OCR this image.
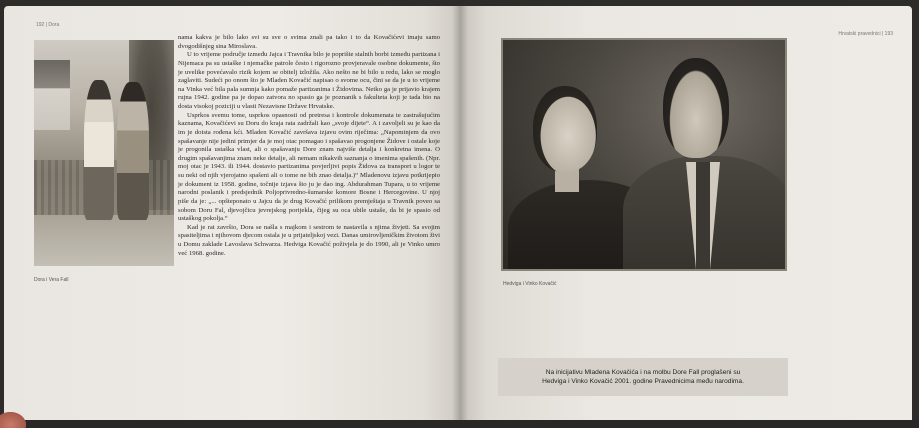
192 | Dora
Hrvatski pravednici | 193
Dora i Vera Fall

nama kakva je bilo lako svi su sve o svima znali pa tako i to da Kovačićevi imaju samo dvogodišnjeg sina Miroslava.

U to vrijeme područje između Jajca i Travnika bilo je poprište stalnih borbi između partizana i Nijemaca pa su ustaške i njemačke patrole često i rigorozno provjeravale osobne dokumente, što je uvelike povećavalo rizik kojem se obitelj izložila. Ako nešto ne bi bilo u redu, lako se moglo zaglaviti. Sudeći po onom što je Mladen Kovačić napisao o svome ocu, čini se da je u to vrijeme na Vinka već bila pala sumnja kako pomaže partizanima i Židovima. Netko ga je prijavio krajem rujna 1942. godine pa je dopao zatvora no spasio ga je poznanik s fakulteta koji je tada bio na dosta visokoj poziciji u vlasti Nezavisne Države Hrvatske.

Usprkos svemu tome, usprkos opasnosti od pretresa i kontrole dokumenata te zastrašujućim kaznama, Kovačićevi su Doru do kraja rata zadržali kao „svoje dijete“. A i zavoljeli su je kao da im je doista rođena kći. Mladen Kovačić završava izjavu ovim riječima: „Napominjem da ovo spašavanje nije jedini primjer da je moj otac pomagao i spašavao progonjene Židove i ostale koje je progonila ustaška vlast, ali o spašavanju Dore znam najviše detalja i konkretna imena. O drugim spašavanjima znam neke detalje, ali nemam nikakvih saznanja o imenima spašenih. (Npr. moj otac je 1943. ili 1944. dostavio partizanima povjerljivi popis Židova za transport u logor te su neki od njih vjerojatno spašeni ali o tome ne bih znao detalja.)“ Mladenovu izjavu potkrijepio je dokument iz 1958. godine, točnije izjava što ju je dao ing. Abdurahman Tupara, u to vrijeme narodni poslanik i predsjednik Poljoprivredno-šumarske komore Bosne i Hercegovine. U njoj piše da je: „... opšteponato u Jajcu da je drug Kovačić prilikom premještaja u Travnik poveo sa sobom Doru Fal, djevojčicu jevrejskog porijekla, čijeg su oca ubile ustaše, da bi je spasio od ustaškog pokolja.“

Kad je rat završio, Dora se našla s majkom i sestrom te nastavila s njima živjeti. Sa svojim spasiteljima i njihovom djecom ostala je u prijateljskoj vezi. Danas umirovljeničkim životom živi u Domu zaklade Lavoslava Schwarza. Hedviga Kovačić poživjela je do 1990, ali je Vinko umro već 1968. godine.

Hedviga i Vinko Kovačić
Na inicijativu Mladena Kovačića i na molbu Dore Fall proglašeni su
Hedviga i Vinko Kovačić 2001. godine Pravednicima među narodima.
